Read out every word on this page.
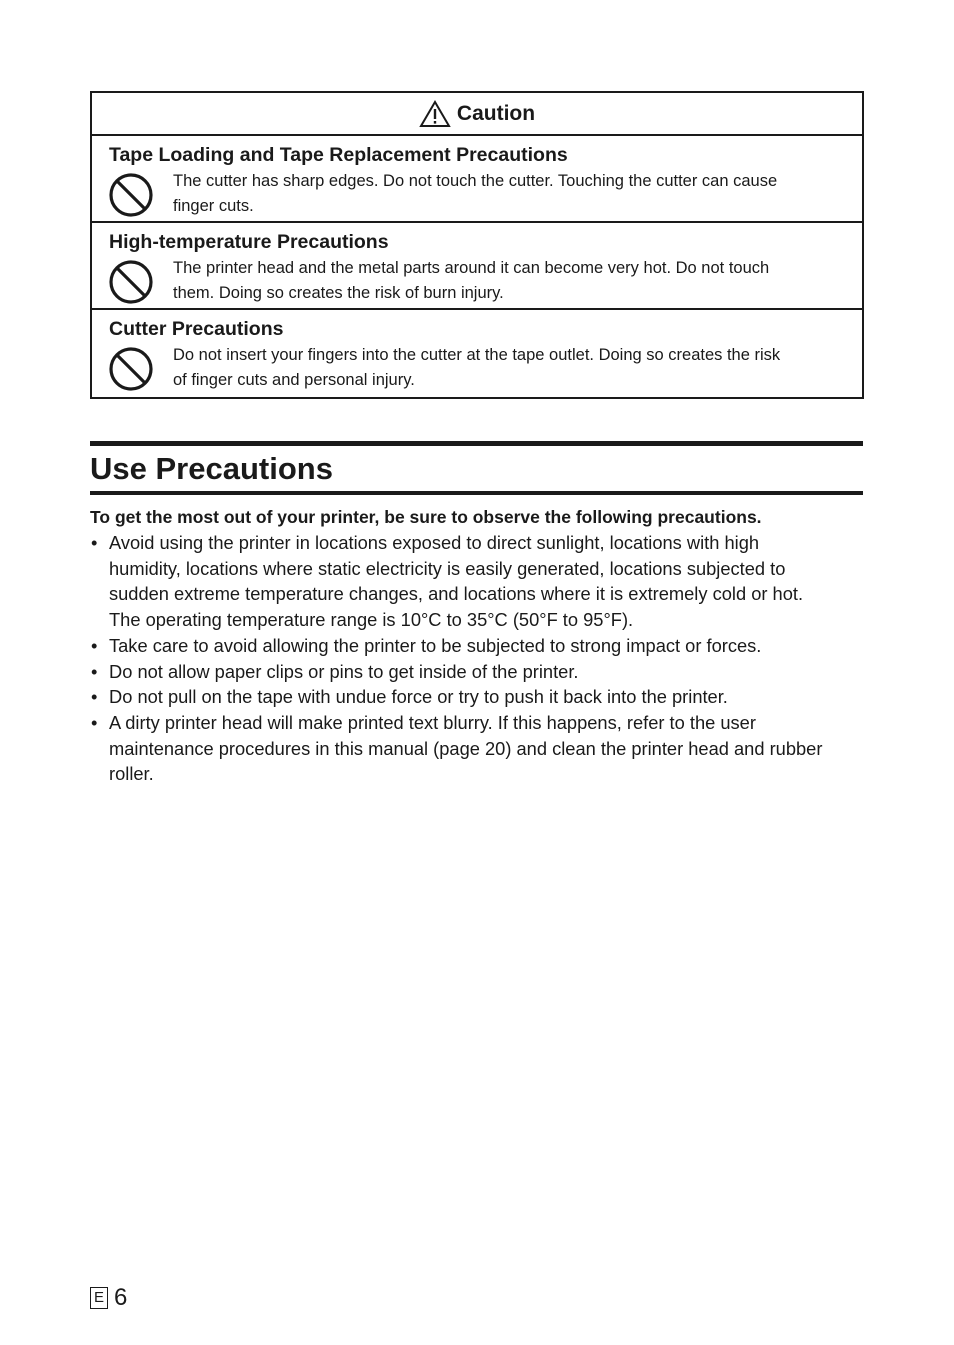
Caution
Tape Loading and Tape Replacement Precautions
The cutter has sharp edges. Do not touch the cutter. Touching the cutter can cause
finger cuts.
High-temperature Precautions
The printer head and the metal parts around it can become very hot. Do not touch
them. Doing so creates the risk of burn injury.
Cutter Precautions
Do not insert your fingers into the cutter at the tape outlet. Doing so creates the risk
of finger cuts and personal injury.
Use Precautions
To get the most out of your printer, be sure to observe the following precautions.
• Avoid using the printer in locations exposed to direct sunlight, locations with high
humidity, locations where static electricity is easily generated, locations subjected to
sudden extreme temperature changes, and locations where it is extremely cold or hot.
The operating temperature range is 10°C to 35°C (50°F to 95°F).
• Take care to avoid allowing the printer to be subjected to strong impact or forces.
• Do not allow paper clips or pins to get inside of the printer.
• Do not pull on the tape with undue force or try to push it back into the printer.
• A dirty printer head will make printed text blurry. If this happens, refer to the user
maintenance procedures in this manual (page 20) and clean the printer head and rubber
roller.
E 6
